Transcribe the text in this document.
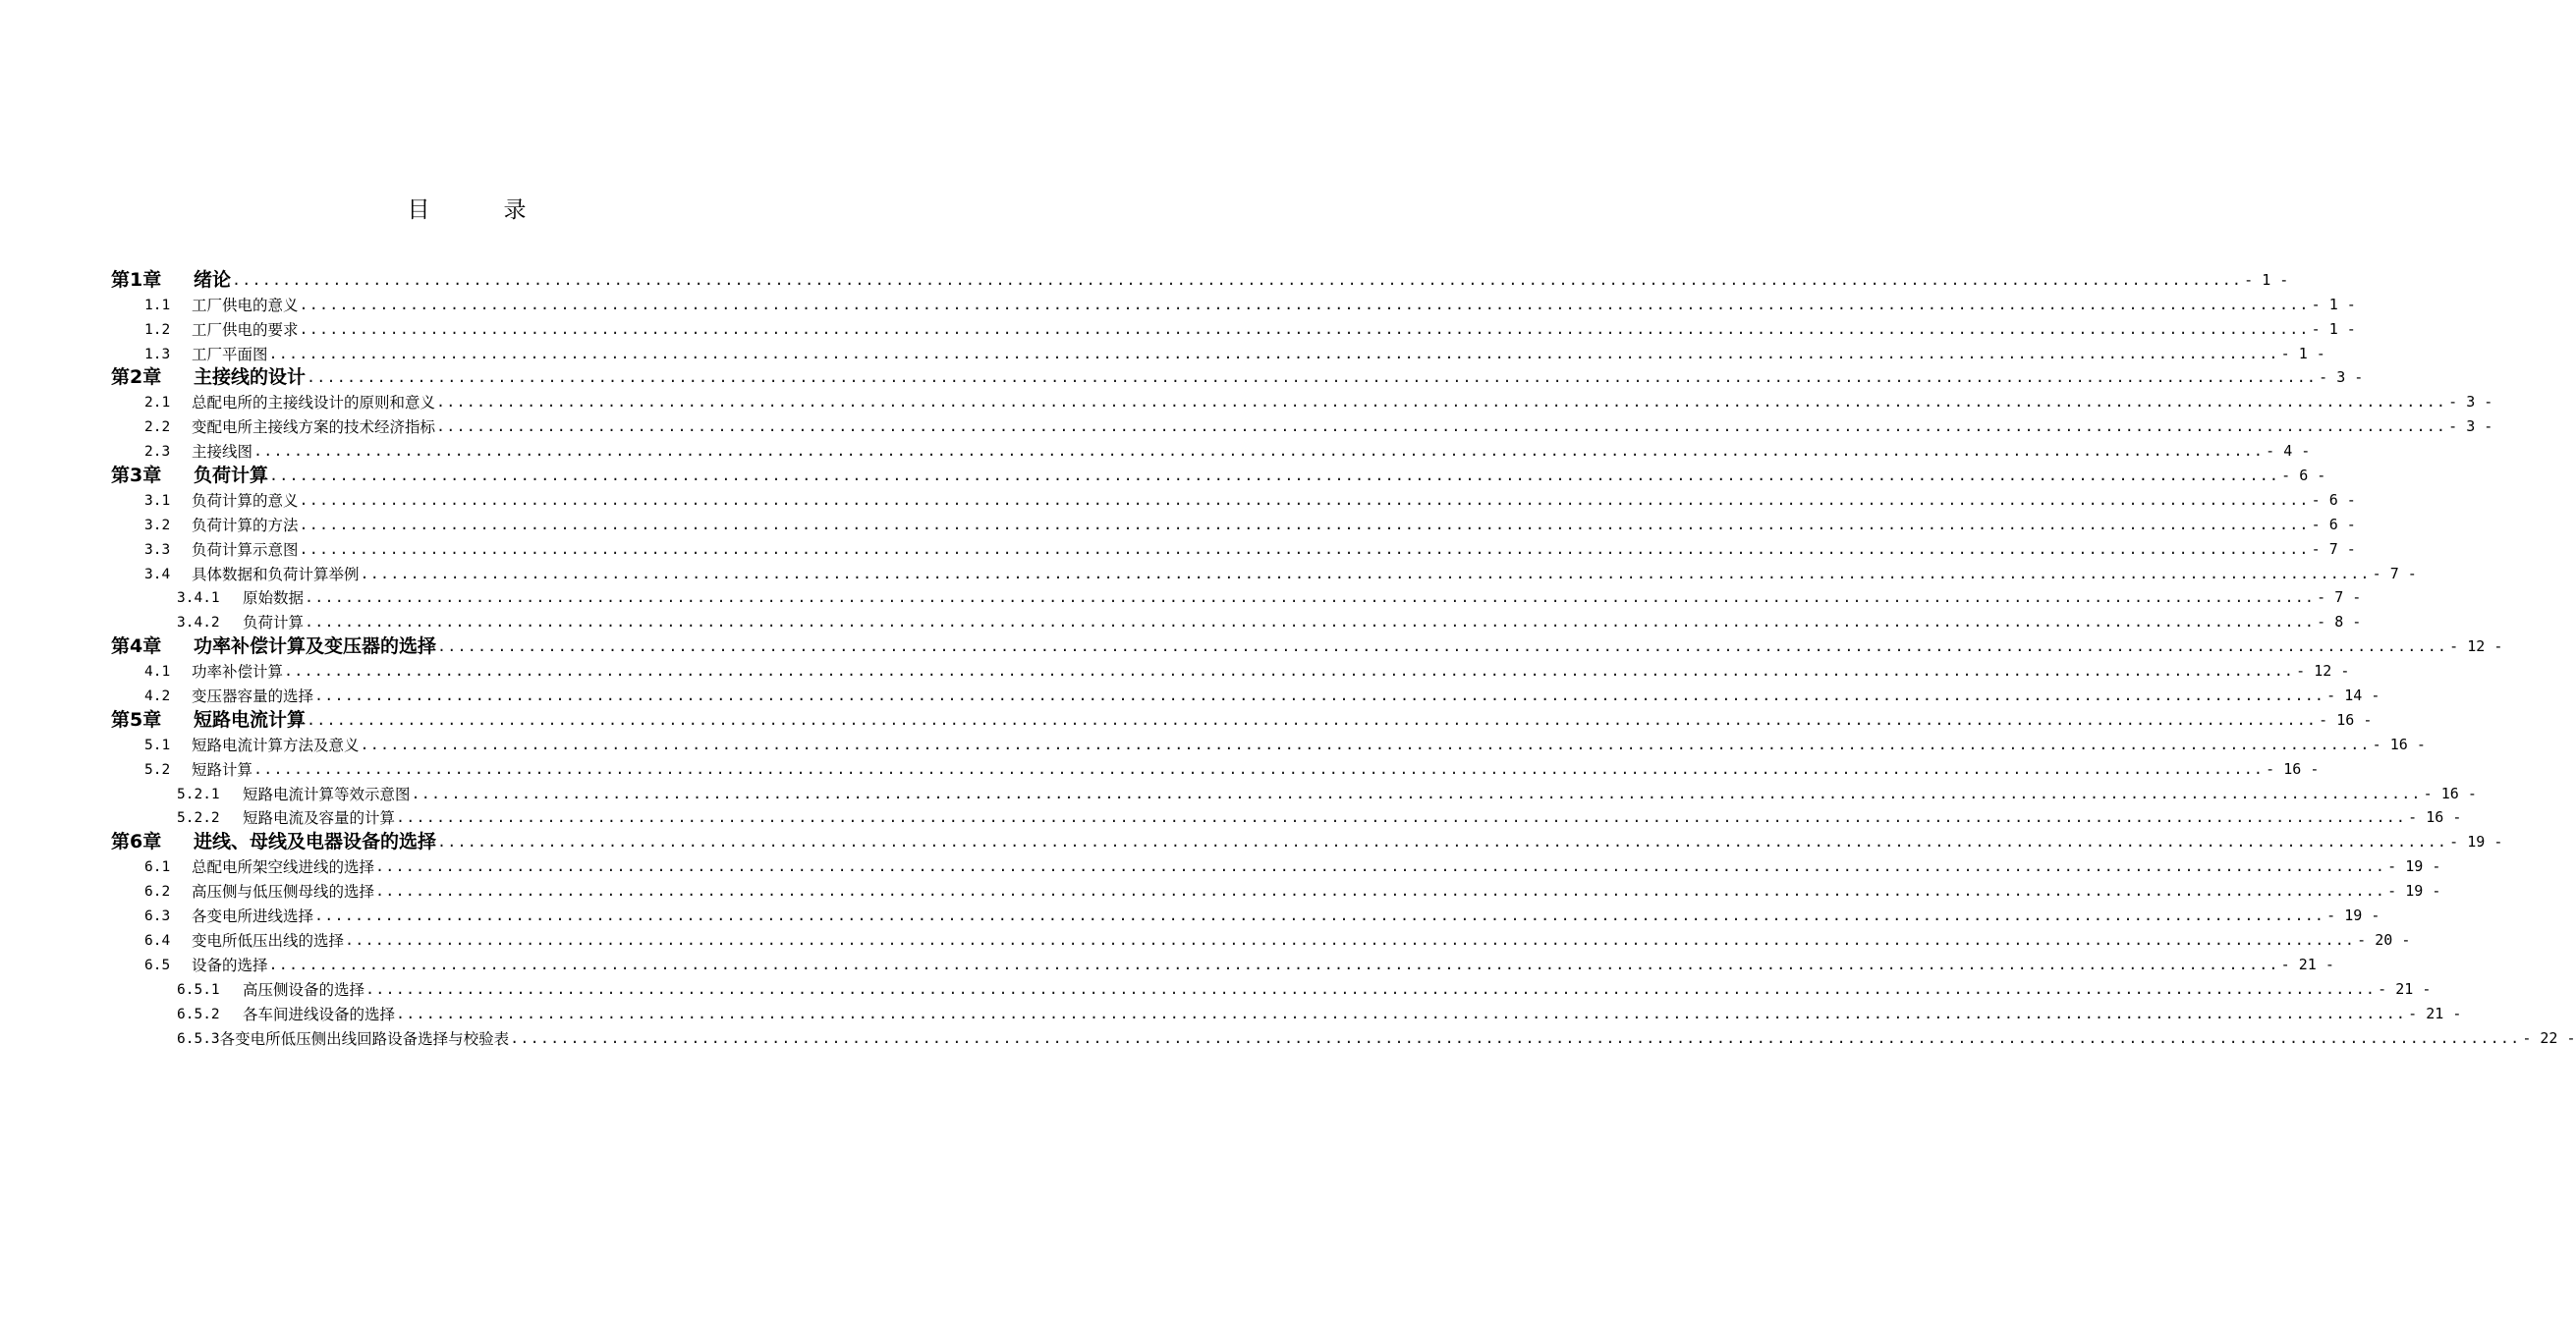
目　录
第1章	绪论 ........................................................................................................................................................................................................ - 1 -
1.1	工厂供电的意义 ........................................................................................................................................................................................................ - 1 -
1.2	工厂供电的要求 ........................................................................................................................................................................................................ - 1 -
1.3	工厂平面图 ........................................................................................................................................................................................................ - 1 -
第2章	主接线的设计 ........................................................................................................................................................................................................ - 3 -
2.1	总配电所的主接线设计的原则和意义 ........................................................................................................................................................................................................ - 3 -
2.2	变配电所主接线方案的技术经济指标 ........................................................................................................................................................................................................ - 3 -
2.3	主接线图 ........................................................................................................................................................................................................ - 4 -
第3章	负荷计算 ........................................................................................................................................................................................................ - 6 -
3.1	负荷计算的意义 ........................................................................................................................................................................................................ - 6 -
3.2	负荷计算的方法 ........................................................................................................................................................................................................ - 6 -
3.3	负荷计算示意图 ........................................................................................................................................................................................................ - 7 -
3.4	具体数据和负荷计算举例 ........................................................................................................................................................................................................ - 7 -
3.4.1	原始数据 ........................................................................................................................................................................................................ - 7 -
3.4.2	负荷计算 ........................................................................................................................................................................................................ - 8 -
第4章	功率补偿计算及变压器的选择 ........................................................................................................................................................................................................ - 12 -
4.1	功率补偿计算 ........................................................................................................................................................................................................ - 12 -
4.2	变压器容量的选择 ........................................................................................................................................................................................................ - 14 -
第5章	短路电流计算 ........................................................................................................................................................................................................ - 16 -
5.1	短路电流计算方法及意义 ........................................................................................................................................................................................................ - 16 -
5.2	短路计算 ........................................................................................................................................................................................................ - 16 -
5.2.1	短路电流计算等效示意图 ........................................................................................................................................................................................................ - 16 -
5.2.2	短路电流及容量的计算 ........................................................................................................................................................................................................ - 16 -
第6章	进线、母线及电器设备的选择 ........................................................................................................................................................................................................ - 19 -
6.1	总配电所架空线进线的选择 ........................................................................................................................................................................................................ - 19 -
6.2	高压侧与低压侧母线的选择 ........................................................................................................................................................................................................ - 19 -
6.3	各变电所进线选择 ........................................................................................................................................................................................................ - 19 -
6.4	变电所低压出线的选择 ........................................................................................................................................................................................................ - 20 -
6.5	设备的选择 ........................................................................................................................................................................................................ - 21 -
6.5.1	高压侧设备的选择 ........................................................................................................................................................................................................ - 21 -
6.5.2	各车间进线设备的选择 ........................................................................................................................................................................................................ - 21 -
6.5.3 各变电所低压侧出线回路设备选择与校验表 ........................................................................................................................................................................................................ - 22 -
